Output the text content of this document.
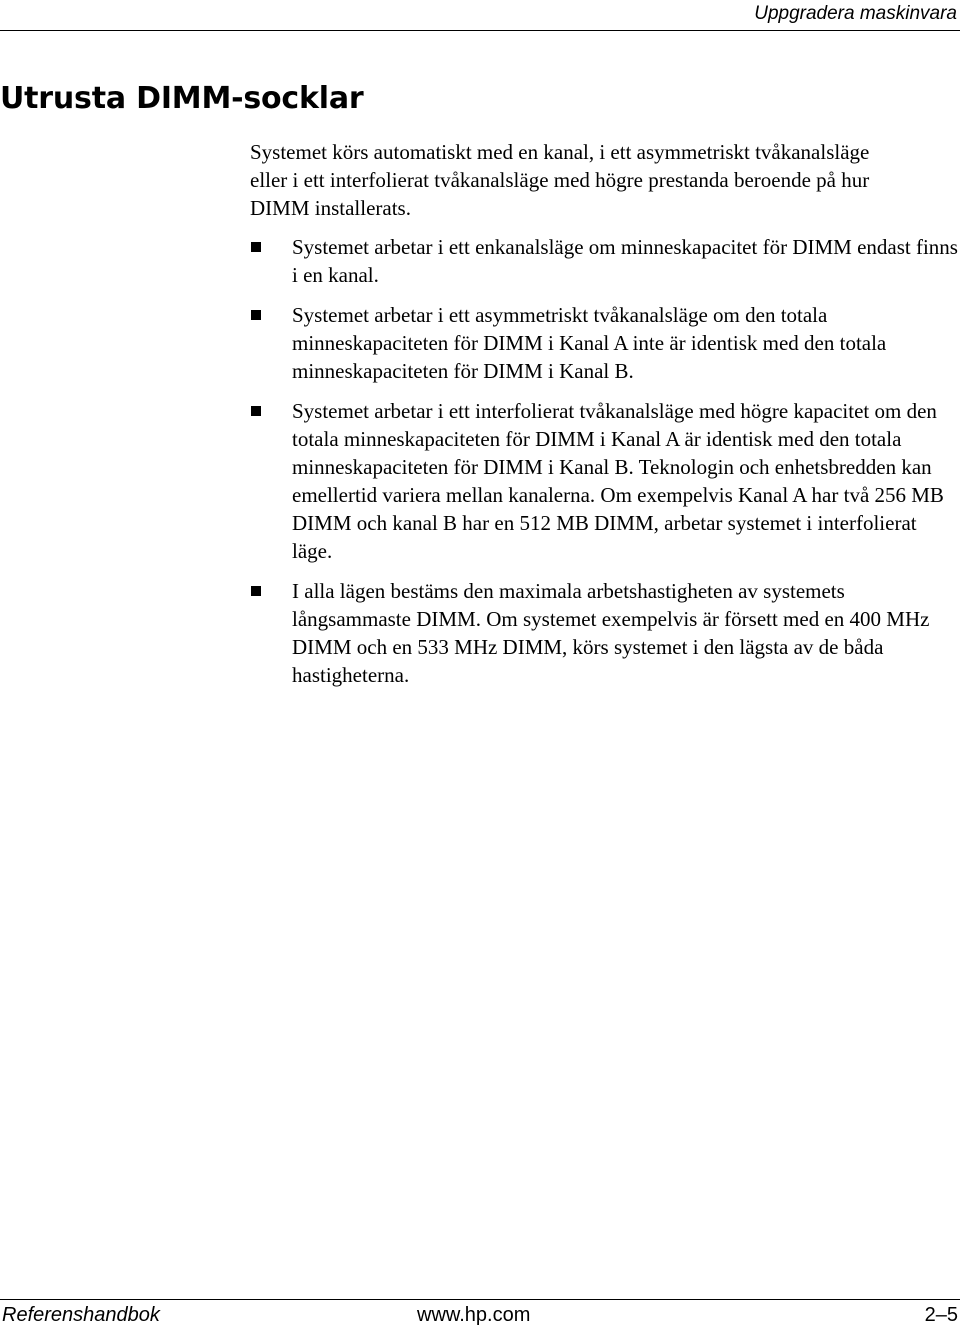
Uppgradera maskinvara
Utrusta DIMM-socklar

Systemet körs automatiskt med en kanal, i ett asymmetriskt tvåkanalsläge eller i ett interfolierat tvåkanalsläge med högre prestanda beroende på hur DIMM installerats.

Systemet arbetar i ett enkanalsläge om minneskapacitet för DIMM endast finns i en kanal.
Systemet arbetar i ett asymmetriskt tvåkanalsläge om den totala minneskapaciteten för DIMM i Kanal A inte är identisk med den totala minneskapaciteten för DIMM i Kanal B.
Systemet arbetar i ett interfolierat tvåkanalsläge med högre kapacitet om den totala minneskapaciteten för DIMM i Kanal A är identisk med den totala minneskapaciteten för DIMM i Kanal B. Teknologin och enhetsbredden kan emellertid variera mellan kanalerna. Om exempelvis Kanal A har två 256 MB DIMM och kanal B har en 512 MB DIMM, arbetar systemet i interfolierat läge.
I alla lägen bestäms den maximala arbetshastigheten av systemets långsammaste DIMM. Om systemet exempelvis är försett med en 400 MHz DIMM och en 533 MHz DIMM, körs systemet i den lägsta av de båda hastigheterna.
Referenshandbok	www.hp.com	2–5
